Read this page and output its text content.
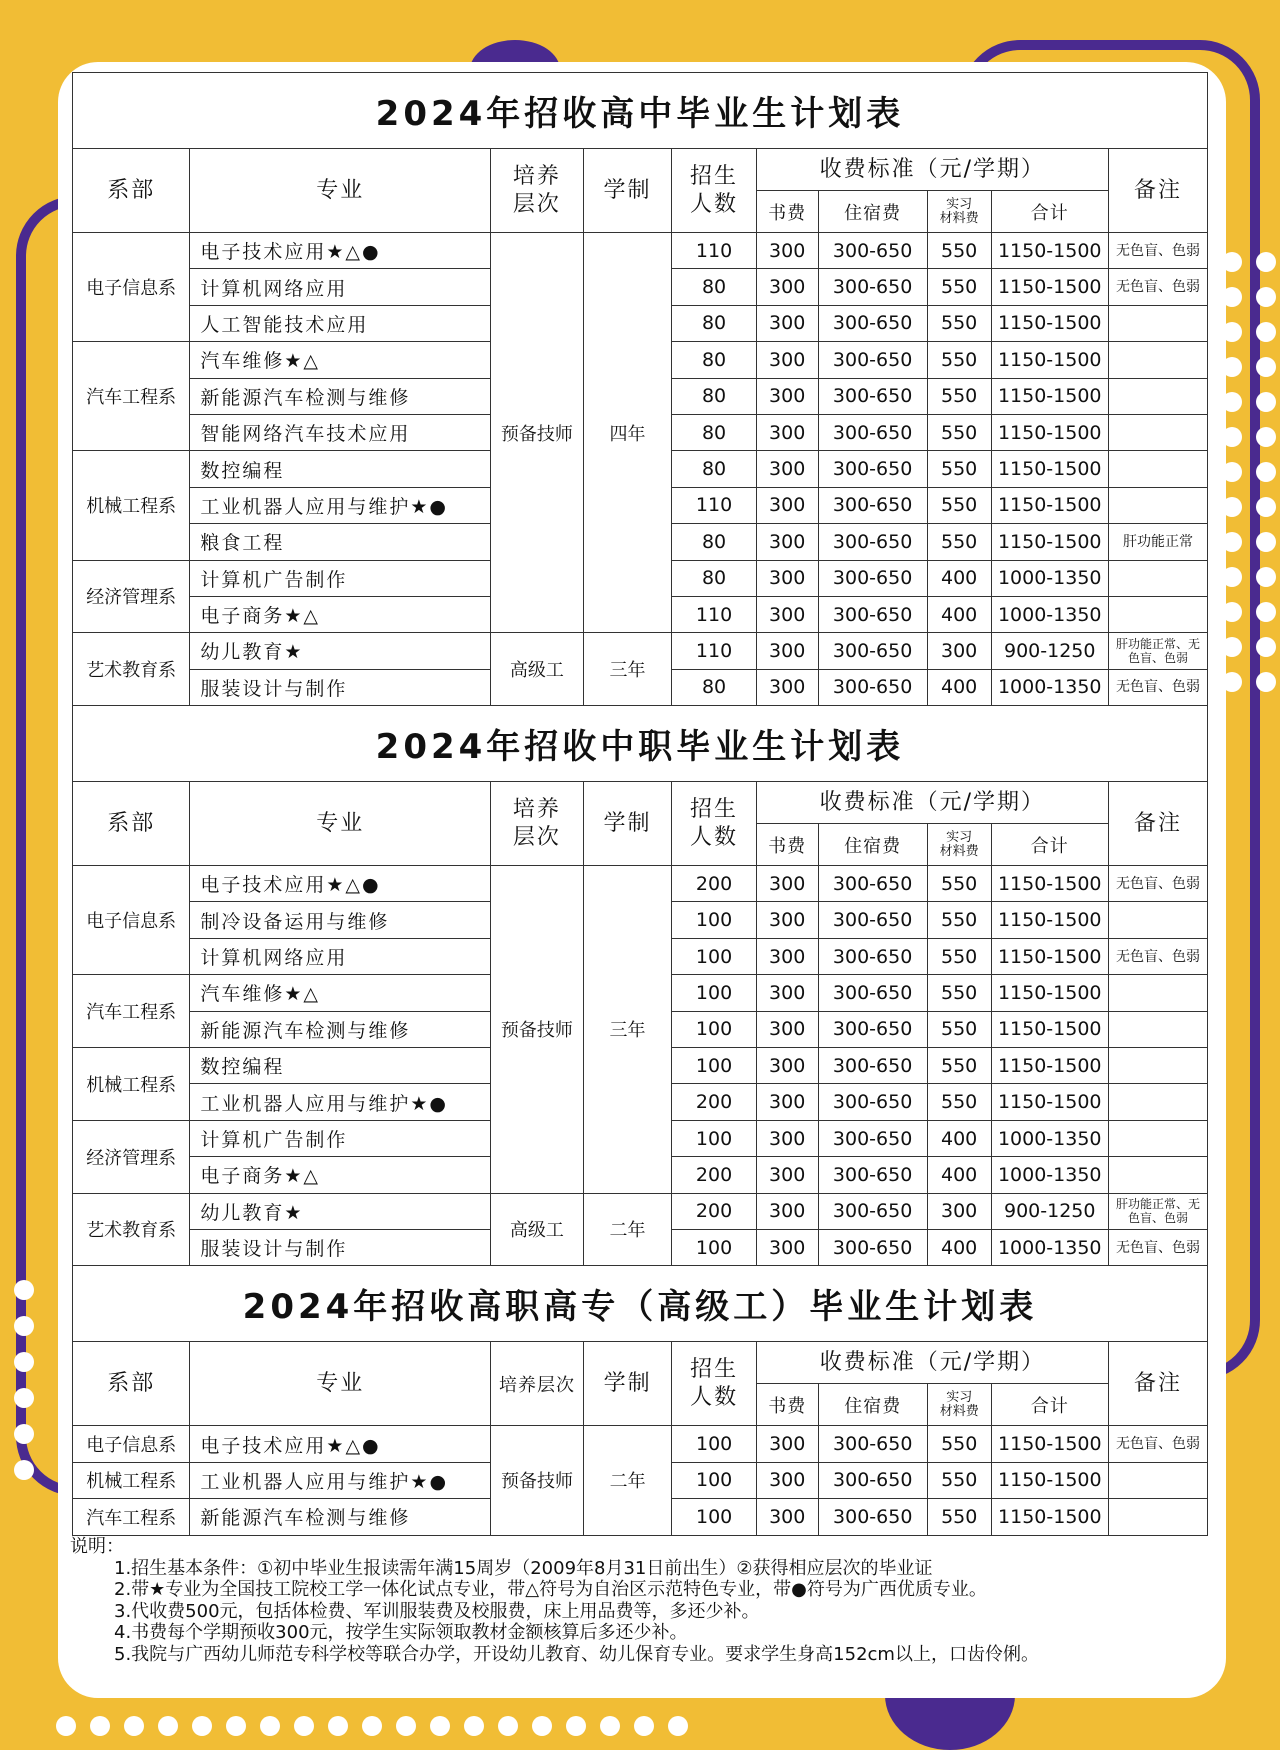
2024年招收高中毕业生计划表									
系部	专业	培养
层次	学制	招生
人数	收费标准（元/学期）				备注
					书费	住宿费	实习
材料费	合计	
电子信息系	电子技术应用★△●	预备技师	四年	110	300	300-650	550	1150-1500	无色盲、色弱
	计算机网络应用			80	300	300-650	550	1150-1500	无色盲、色弱
	人工智能技术应用			80	300	300-650	550	1150-1500	
汽车工程系	汽车维修★△			80	300	300-650	550	1150-1500	
	新能源汽车检测与维修			80	300	300-650	550	1150-1500	
	智能网络汽车技术应用			80	300	300-650	550	1150-1500	
机械工程系	数控编程			80	300	300-650	550	1150-1500	
	工业机器人应用与维护★●			110	300	300-650	550	1150-1500	
	粮食工程			80	300	300-650	550	1150-1500	肝功能正常
经济管理系	计算机广告制作			80	300	300-650	400	1000-1350	
	电子商务★△			110	300	300-650	400	1000-1350	
艺术教育系	幼儿教育★	高级工	三年	110	300	300-650	300	900-1250	肝功能正常、无色盲、色弱
	服装设计与制作			80	300	300-650	400	1000-1350	无色盲、色弱
2024年招收中职毕业生计划表									
系部	专业	培养
层次	学制	招生
人数	收费标准（元/学期）				备注
					书费	住宿费	实习
材料费	合计	
电子信息系	电子技术应用★△●	预备技师	三年	200	300	300-650	550	1150-1500	无色盲、色弱
	制冷设备运用与维修			100	300	300-650	550	1150-1500	
	计算机网络应用			100	300	300-650	550	1150-1500	无色盲、色弱
汽车工程系	汽车维修★△			100	300	300-650	550	1150-1500	
	新能源汽车检测与维修			100	300	300-650	550	1150-1500	
机械工程系	数控编程			100	300	300-650	550	1150-1500	
	工业机器人应用与维护★●			200	300	300-650	550	1150-1500	
经济管理系	计算机广告制作			100	300	300-650	400	1000-1350	
	电子商务★△			200	300	300-650	400	1000-1350	
艺术教育系	幼儿教育★	高级工	二年	200	300	300-650	300	900-1250	肝功能正常、无色盲、色弱
	服装设计与制作			100	300	300-650	400	1000-1350	无色盲、色弱
2024年招收高职高专（高级工）毕业生计划表									
系部	专业	培养层次	学制	招生
人数	收费标准（元/学期）				备注
					书费	住宿费	实习
材料费	合计	
电子信息系	电子技术应用★△●	预备技师	二年	100	300	300-650	550	1150-1500	无色盲、色弱
机械工程系	工业机器人应用与维护★●			100	300	300-650	550	1150-1500	
汽车工程系	新能源汽车检测与维修			100	300	300-650	550	1150-1500	
说明：
1.招生基本条件：①初中毕业生报读需年满15周岁（2009年8月31日前出生）②获得相应层次的毕业证
2.带★专业为全国技工院校工学一体化试点专业，带△符号为自治区示范特色专业，带●符号为广西优质专业。
3.代收费500元，包括体检费、军训服装费及校服费，床上用品费等，多还少补。
4.书费每个学期预收300元，按学生实际领取教材金额核算后多还少补。
5.我院与广西幼儿师范专科学校等联合办学，开设幼儿教育、幼儿保育专业。要求学生身高152cm以上，口齿伶俐。
